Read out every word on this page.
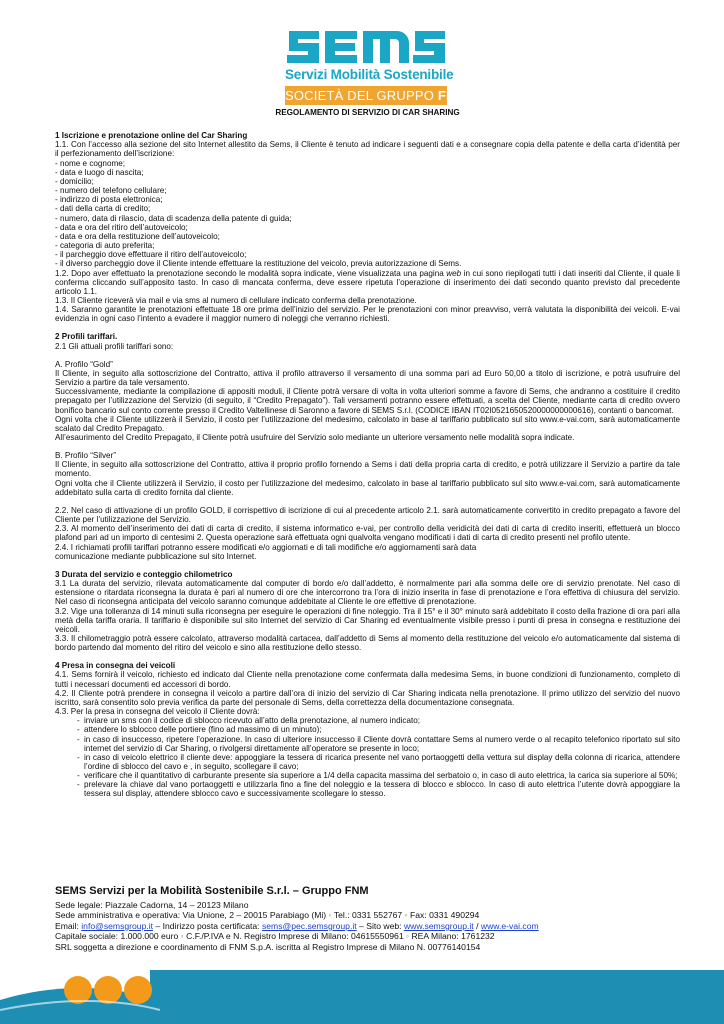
Servizi Mobilità Sostenibile
SOCIETÀ DEL GRUPPO FNM

REGOLAMENTO DI SERVIZIO DI CAR SHARING

1 Iscrizione e prenotazione online del Car Sharing

1.1. Con l’accesso alla sezione del sito Internet allestito da Sems, il Cliente è tenuto ad indicare i seguenti dati e a consegnare copia della patente e della carta d’identità per il perfezionamento dell’iscrizione:

- nome e cognome;
- data e luogo di nascita;
- domicilio;
- numero del telefono cellulare;
- indirizzo di posta elettronica;
- dati della carta di credito;
- numero, data di rilascio, data di scadenza della patente di guida;
- data e ora del ritiro dell’autoveicolo;
- data e ora della restituzione dell’autoveicolo;
- categoria di auto preferita;
- il parcheggio dove effettuare il ritiro dell’autoveicolo;
- il diverso parcheggio dove il Cliente intende effettuare la restituzione del veicolo, previa autorizzazione di Sems.

1.2. Dopo aver effettuato la prenotazione secondo le modalità sopra indicate, viene visualizzata una pagina web in cui sono riepilogati tutti i dati inseriti dal Cliente, il quale li conferma cliccando sull’apposito tasto. In caso di mancata conferma, deve essere ripetuta l’operazione di inserimento dei dati secondo quanto previsto dal precedente articolo 1.1.

1.3. Il Cliente riceverà via mail e via sms al numero di cellulare indicato conferma della prenotazione.

1.4. Saranno garantite le prenotazioni effettuate 18 ore prima dell’inizio del servizio. Per le prenotazioni con minor preavviso, verrà valutata la disponibilità dei veicoli. E-vai evidenzia in ogni caso l’intento a evadere il maggior numero di noleggi che verranno richiesti.

2 Profili tariffari.

2.1 Gli attuali profili tariffari sono:

A. Profilo “Gold”

Il Cliente, in seguito alla sottoscrizione del Contratto, attiva il profilo attraverso il versamento di una somma pari ad Euro 50,00 a titolo di iscrizione, e potrà usufruire del Servizio a partire da tale versamento.

Successivamente, mediante la compilazione di appositi moduli, il Cliente potrà versare di volta in volta ulteriori somme a favore di Sems, che andranno a costituire il credito prepagato per l’utilizzazione del Servizio (di seguito, il “Credito Prepagato”). Tali versamenti potranno essere effettuati, a scelta del Cliente, mediante carta di credito ovvero bonifico bancario sul conto corrente presso il Credito Valtellinese di Saronno a favore di SEMS S.r.l. (CODICE IBAN IT02I0521650520000000000616), contanti o bancomat.

Ogni volta che il Cliente utilizzerà il Servizio, il costo per l’utilizzazione del medesimo, calcolato in base al tariffario pubblicato sul sito www.e-vai.com, sarà automaticamente scalato dal Credito Prepagato.

All’esaurimento del Credito Prepagato, il Cliente potrà usufruire del Servizio solo mediante un ulteriore versamento nelle modalità sopra indicate.

B. Profilo “Silver”

Il Cliente, in seguito alla sottoscrizione del Contratto, attiva il proprio profilo fornendo a Sems i dati della propria carta di credito, e potrà utilizzare il Servizio a partire da tale momento.

Ogni volta che il Cliente utilizzerà il Servizio, il costo per l’utilizzazione del medesimo, calcolato in base al tariffario pubblicato sul sito www.e-vai.com, sarà automaticamente addebitato sulla carta di credito fornita dal cliente.

2.2. Nel caso di attivazione di un profilo GOLD, il corrispettivo di iscrizione di cui al precedente articolo 2.1. sarà automaticamente convertito in credito prepagato a favore del Cliente per l’utilizzazione del Servizio.

2.3. Al momento dell’inserimento dei dati di carta di credito, il sistema informatico e-vai, per controllo della veridicità dei dati di carta di credito inseriti, effettuerà un blocco plafond pari ad un importo di centesimi 2. Questa operazione sarà effettuata ogni qualvolta vengano modificati i dati di carta di credito presenti nel profilo utente.

2.4. I richiamati profili tariffari potranno essere modificati e/o aggiornati e di tali modifiche e/o aggiornamenti sarà data

comunicazione mediante pubblicazione sul sito Internet.

3 Durata del servizio e conteggio chilometrico

3.1 La durata del servizio, rilevata automaticamente dal computer di bordo e/o dall’addetto, è normalmente pari alla somma delle ore di servizio prenotate. Nel caso di estensione o ritardata riconsegna la durata è pari al numero di ore che intercorrono tra l’ora di inizio inserita in fase di prenotazione e l’ora effettiva di chiusura del servizio. Nel caso di riconsegna anticipata del veicolo saranno comunque addebitate al Cliente le ore effettive di prenotazione.

3.2. Vige una tolleranza di 14 minuti sulla riconsegna per eseguire le operazioni di fine noleggio. Tra il 15° e il 30° minuto sarà addebitato il costo della frazione di ora pari alla metà della tariffa oraria. Il tariffario è disponibile sul sito Internet del servizio di Car Sharing ed eventualmente visibile presso i punti di presa in consegna e restituzione dei veicoli.

3.3. Il chilometraggio potrà essere calcolato, attraverso modalità cartacea, dall’addetto di Sems al momento della restituzione del veicolo e/o automaticamente dal sistema di bordo partendo dal momento del ritiro del veicolo e sino alla restituzione dello stesso.

4 Presa in consegna dei veicoli

4.1. Sems fornirà il veicolo, richiesto ed indicato dal Cliente nella prenotazione come confermata dalla medesima Sems, in buone condizioni di funzionamento, completo di tutti i necessari documenti ed accessori di bordo.

4.2. Il Cliente potrà prendere in consegna il veicolo a partire dall’ora di inizio del servizio di Car Sharing indicata nella prenotazione. Il primo utilizzo del servizio del nuovo iscritto, sarà consentito solo previa verifica da parte del personale di Sems, della correttezza della documentazione consegnata.

4.3. Per la presa in consegna del veicolo il Cliente dovrà:

- inviare un sms con il codice di sblocco ricevuto all’atto della prenotazione, al numero indicato;
- attendere lo sblocco delle portiere (fino ad massimo di un minuto);
- in caso di insuccesso, ripetere l’operazione. In caso di ulteriore insuccesso il Cliente dovrà contattare Sems al numero verde o al recapito telefonico riportato sul sito internet del servizio di Car Sharing, o rivolgersi direttamente all’operatore se presente in loco;
- in caso di veicolo elettrico il cliente deve: appoggiare la tessera di ricarica presente nel vano portaoggetti della vettura sul display della colonna di ricarica, attendere l’ordine di sblocco del cavo e , in seguito, scollegare il cavo;
- verificare che il quantitativo di carburante presente sia superiore a 1/4 della capacita massima del serbatoio o, in caso di auto elettrica, la carica sia superiore al 50%;
- prelevare la chiave dal vano portaoggetti e utilizzarla fino a fine del noleggio e la tessera di blocco e sblocco. In caso di auto elettrica l’utente dovrà appoggiare la tessera sul display, attendere sblocco cavo e successivamente scollegare lo stesso.

SEMS Servizi per la Mobilità Sostenibile S.r.l. – Gruppo FNM

Sede legale: Piazzale Cadorna, 14 – 20123 Milano

Sede amministrativa e operativa: Via Unione, 2 – 20015 Parabiago (Mi) ◦ Tel.: 0331 552767 ◦ Fax: 0331 490294

Email: info@semsgroup.it – Indirizzo posta certificata: sems@pec.semsgroup.it – Sito web: www.semsgroup.it / www.e-vai.com

Capitale sociale: 1.000.000 euro ◦ C.F./P.IVA e N. Registro Imprese di Milano: 04615550961 ◦ REA Milano: 1761232

SRL soggetta a direzione e coordinamento di FNM S.p.A. iscritta al Registro Imprese di Milano N. 00776140154
